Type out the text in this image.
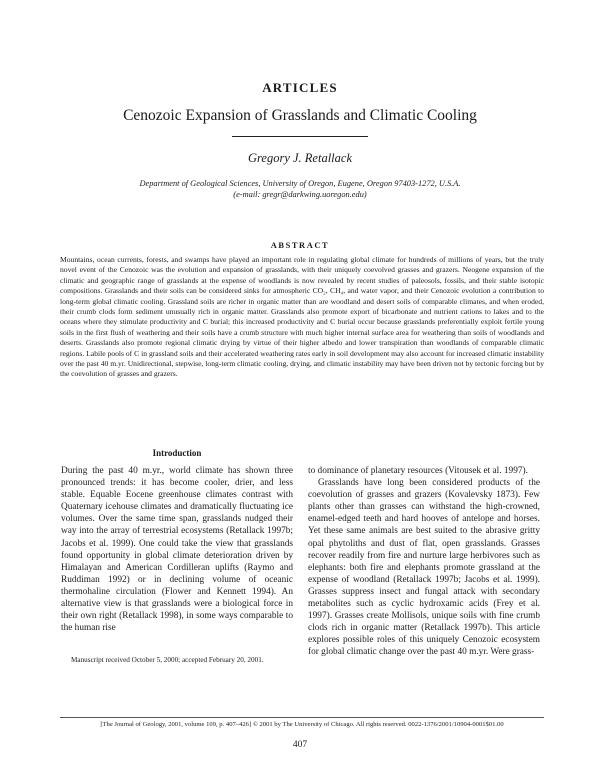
ARTICLES
Cenozoic Expansion of Grasslands and Climatic Cooling
Gregory J. Retallack
Department of Geological Sciences, University of Oregon, Eugene, Oregon 97403-1272, U.S.A.
(e-mail: gregr@darkwing.uoregon.edu)
ABSTRACT
Mountains, ocean currents, forests, and swamps have played an important role in regulating global climate for hundreds of millions of years, but the truly novel event of the Cenozoic was the evolution and expansion of grasslands, with their uniquely coevolved grasses and grazers. Neogene expansion of the climatic and geographic range of grasslands at the expense of woodlands is now revealed by recent studies of paleosols, fossils, and their stable isotopic compositions. Grasslands and their soils can be considered sinks for atmospheric CO₂, CH₄, and water vapor, and their Cenozoic evolution a contribution to long-term global climatic cooling. Grassland soils are richer in organic matter than are woodland and desert soils of comparable climates, and when eroded, their crumb clods form sediment unusually rich in organic matter. Grasslands also promote export of bicarbonate and nutrient cations to lakes and to the oceans where they stimulate productivity and C burial; this increased productivity and C burial occur because grasslands preferentially exploit fertile young soils in the first flush of weathering and their soils have a crumb structure with much higher internal surface area for weathering than soils of woodlands and deserts. Grasslands also promote regional climatic drying by virtue of their higher albedo and lower transpiration than woodlands of comparable climatic regions. Labile pools of C in grassland soils and their accelerated weathering rates early in soil development may also account for increased climatic instability over the past 40 m.yr. Unidirectional, stepwise, long-term climatic cooling, drying, and climatic instability may have been driven not by tectonic forcing but by the coevolution of grasses and grazers.
Introduction

During the past 40 m.yr., world climate has shown three pronounced trends: it has become cooler, drier, and less stable. Equable Eocene greenhouse climates contrast with Quaternary icehouse climates and dramatically fluctuating ice volumes. Over the same time span, grasslands nudged their way into the array of terrestrial ecosystems (Retallack 1997b; Jacobs et al. 1999). One could take the view that grasslands found opportunity in global climate deterioration driven by Himalayan and American Cordilleran uplifts (Raymo and Ruddiman 1992) or in declining volume of oceanic thermohaline circulation (Flower and Kennett 1994). An alternative view is that grasslands were a biological force in their own right (Retallack 1998), in some ways comparable to the human rise

to dominance of planetary resources (Vitousek et al. 1997).

Grasslands have long been considered products of the coevolution of grasses and grazers (Kovalevsky 1873). Few plants other than grasses can withstand the high-crowned, enamel-edged teeth and hard hooves of antelope and horses. Yet these same animals are best suited to the abrasive gritty opal phytoliths and dust of flat, open grasslands. Grasses recover readily from fire and nurture large herbivores such as elephants: both fire and elephants promote grassland at the expense of woodland (Retallack 1997b; Jacobs et al. 1999). Grasses suppress insect and fungal attack with secondary metabolites such as cyclic hydroxamic acids (Frey et al. 1997). Grasses create Mollisols, unique soils with fine crumb clods rich in organic matter (Retallack 1997b). This article explores possible roles of this uniquely Cenozoic ecosystem for global climatic change over the past 40 m.yr. Were grass-

Manuscript received October 5, 2000; accepted February 20, 2001.
[The Journal of Geology, 2001, volume 109, p. 407–426] © 2001 by The University of Chicago. All rights reserved. 0022-1376/2001/10904-0001$01.00
407
